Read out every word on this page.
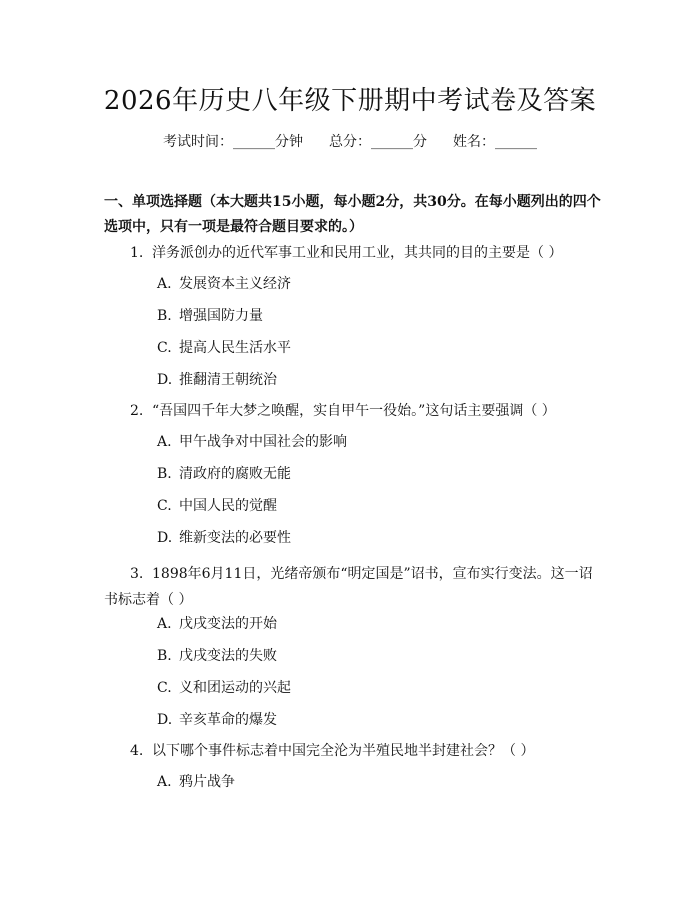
2026年历史八年级下册期中考试卷及答案
考试时间：______分钟 总分：______分 姓名：______
一、单项选择题（本大题共15小题，每小题2分，共30分。在每小题列出的四个选项中，只有一项是最符合题目要求的。）
1. 洋务派创办的近代军事工业和民用工业，其共同的目的主要是（ ）
A. 发展资本主义经济
B. 增强国防力量
C. 提高人民生活水平
D. 推翻清王朝统治
2. “吾国四千年大梦之唤醒，实自甲午一役始。”这句话主要强调（ ）
A. 甲午战争对中国社会的影响
B. 清政府的腐败无能
C. 中国人民的觉醒
D. 维新变法的必要性
3. 1898年6月11日，光绪帝颁布“明定国是”诏书，宣布实行变法。这一诏书标志着（ ）
A. 戊戌变法的开始
B. 戊戌变法的失败
C. 义和团运动的兴起
D. 辛亥革命的爆发
4. 以下哪个事件标志着中国完全沦为半殖民地半封建社会？（ ）
A. 鸦片战争
